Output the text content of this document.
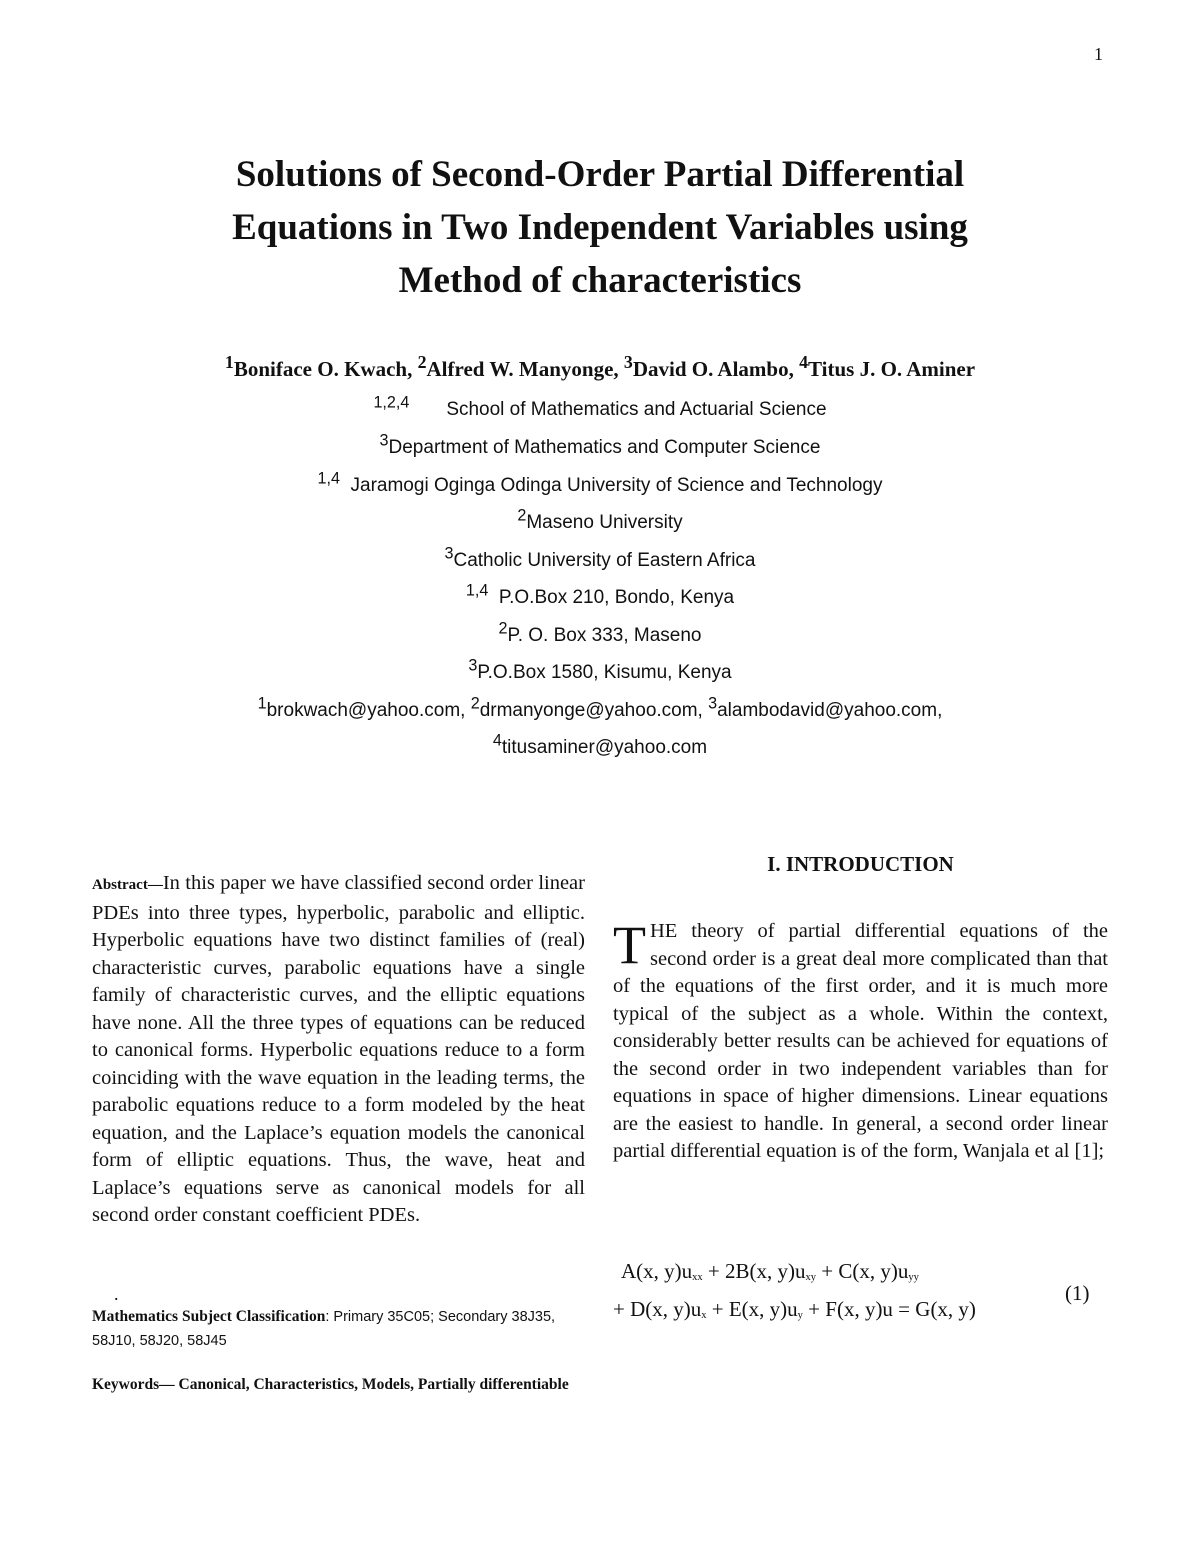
1
Solutions of Second-Order Partial Differential
Equations in Two Independent Variables using
Method of characteristics
$^1$Boniface O. Kwach, $^2$Alfred W. Manyonge, $^3$David O. Alambo, $^4$Titus J. O. Aminer
$^{1,2,4}$ School of Mathematics and Actuarial Science
$^3$Department of Mathematics and Computer Science
$^{1,4}$ Jaramogi Oginga Odinga University of Science and Technology
$^2$Maseno University
$^3$Catholic University of Eastern Africa
$^{1,4}$ P.O.Box 210, Bondo, Kenya
$^2$P. O. Box 333, Maseno
$^3$P.O.Box 1580, Kisumu, Kenya
$^1$brokwach@yahoo.com, $^2$drmanyonge@yahoo.com, $^3$alambodavid@yahoo.com,
$^4$titusaminer@yahoo.com

Abstract—In this paper we have classified second order linear PDEs into three types, hyperbolic, parabolic and elliptic. Hyperbolic equations have two distinct families of (real) characteristic curves, parabolic equations have a single family of characteristic curves, and the elliptic equations have none. All the three types of equations can be reduced to canonical forms. Hyperbolic equations reduce to a form coinciding with the wave equation in the leading terms, the parabolic equations reduce to a form modeled by the heat equation, and the Laplace’s equation models the canonical form of elliptic equations. Thus, the wave, heat and Laplace’s equations serve as canonical models for all second order constant coefficient PDEs.

.

Mathematics Subject Classification: Primary 35C05; Secondary 38J35, 58J10, 58J20, 58J45

Keywords— Canonical, Characteristics, Models, Partially differentiable

I. INTRODUCTION

THE theory of partial differential equations of the second order is a great deal more complicated than that of the equations of the first order, and it is much more typical of the subject as a whole. Within the context, considerably better results can be achieved for equations of the second order in two independent variables than for equations in space of higher dimensions. Linear equations are the easiest to handle. In general, a second order linear partial differential equation is of the form, Wanjala et al [1];

A(x, $y)u_{xx} + 2B(x$, $y)u_{xy} + C(x$, $y)u_{yy}$
+ D(x, $y)u_x + E(x$, $y)u_y + F(x$, y)u = G(x, y)
(1)
